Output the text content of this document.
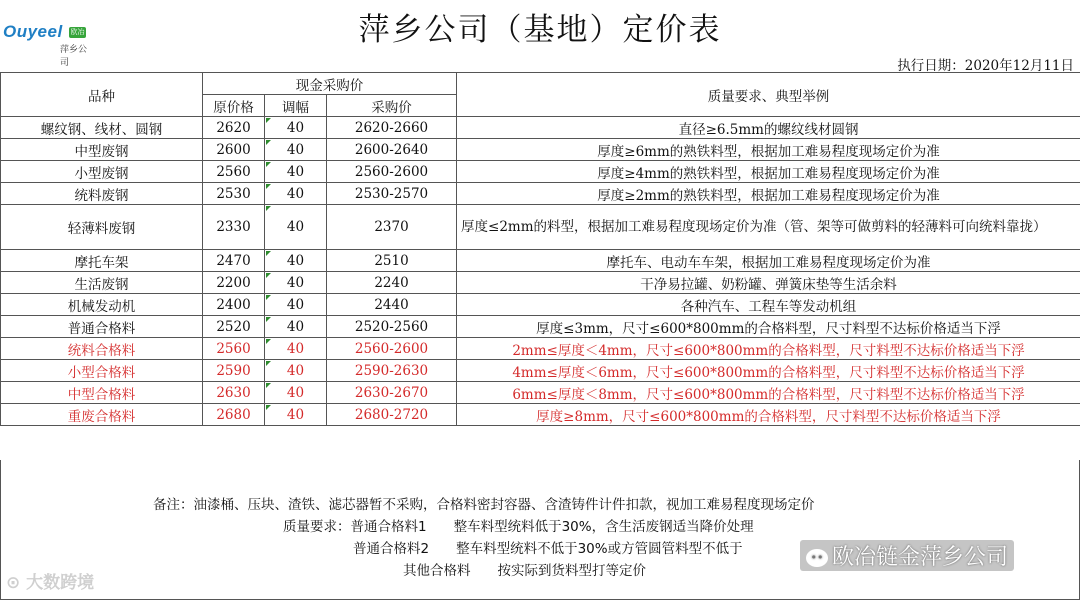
Ouyeel 欧冶
萍乡公司
萍乡公司（基地）定价表
执行日期：2020年12月11日
品种	现金采购价			质量要求、典型举例
	原价格	调幅	采购价	
螺纹钢、线材、圆钢	2620	40	2620-2660	直径≥6.5mm的螺纹线材圆钢
中型废钢	2600	40	2600-2640	厚度≥6mm的熟铁料型，根据加工难易程度现场定价为准
小型废钢	2560	40	2560-2600	厚度≥4mm的熟铁料型，根据加工难易程度现场定价为准
统料废钢	2530	40	2530-2570	厚度≥2mm的熟铁料型，根据加工难易程度现场定价为准
轻薄料废钢	2330	40	2370	厚度≤2mm的料型，根据加工难易程度现场定价为准（管、架等可做剪料的轻薄料可向统料靠拢）
摩托车架	2470	40	2510	摩托车、电动车车架，根据加工难易程度现场定价为准
生活废钢	2200	40	2240	干净易拉罐、奶粉罐、弹簧床垫等生活余料
机械发动机	2400	40	2440	各种汽车、工程车等发动机组
普通合格料	2520	40	2520-2560	厚度≤3mm，尺寸≤600*800mm的合格料型，尺寸料型不达标价格适当下浮
统料合格料	2560	40	2560-2600	2mm≤厚度＜4mm，尺寸≤600*800mm的合格料型，尺寸料型不达标价格适当下浮
小型合格料	2590	40	2590-2630	4mm≤厚度＜6mm，尺寸≤600*800mm的合格料型，尺寸料型不达标价格适当下浮
中型合格料	2630	40	2630-2670	6mm≤厚度＜8mm，尺寸≤600*800mm的合格料型，尺寸料型不达标价格适当下浮
重废合格料	2680	40	2680-2720	厚度≥8mm，尺寸≤600*800mm的合格料型，尺寸料型不达标价格适当下浮
备注：油漆桶、压块、渣铁、滤芯器暂不采购，合格料密封容器、含渣铸件计件扣款，视加工难易程度现场定价
质量要求：普通合格料1　　整车料型统料低于30%，含生活废钢适当降价处理
普通合格料2　　整车料型统料不低于30%或方管圆管料型不低于
其他合格料　　按实际到货料型打等定价
⊙ 大数跨境
•• 欧冶链金萍乡公司
